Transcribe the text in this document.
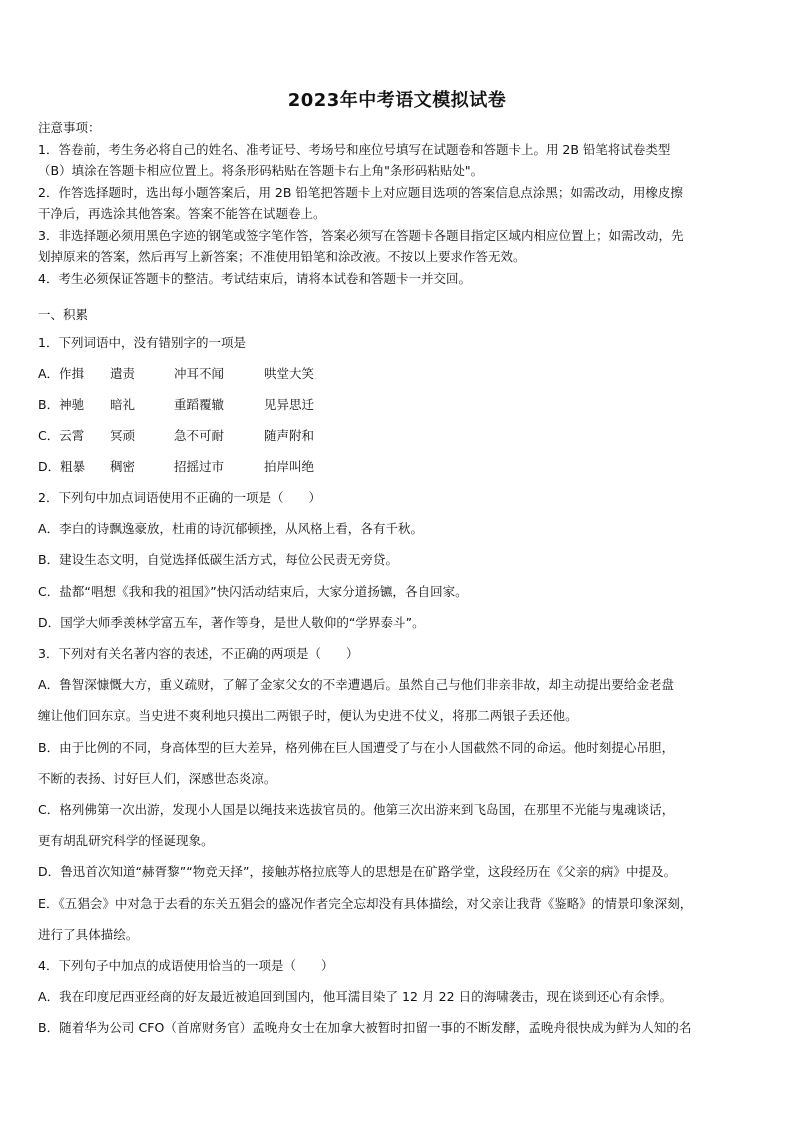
2023年中考语文模拟试卷
注意事项：
1．答卷前，考生务必将自己的姓名、准考证号、考场号和座位号填写在试题卷和答题卡上。用 2B 铅笔将试卷类型
（B）填涂在答题卡相应位置上。将条形码粘贴在答题卡右上角"条形码粘贴处"。
2．作答选择题时，选出每小题答案后，用 2B 铅笔把答题卡上对应题目选项的答案信息点涂黑；如需改动，用橡皮擦
干净后，再选涂其他答案。答案不能答在试题卷上。
3．非选择题必须用黑色字迹的钢笔或签字笔作答，答案必须写在答题卡各题目指定区域内相应位置上；如需改动，先
划掉原来的答案，然后再写上新答案；不准使用铅笔和涂改液。不按以上要求作答无效。
4．考生必须保证答题卡的整洁。考试结束后，请将本试卷和答题卡一并交回。
一、积累
1．下列词语中，没有错别字的一项是
A．作揖 遣责	冲耳不闻	哄堂大笑
B．神驰 暗礼	重蹈覆辙	见异思迁
C．云霄 冥顽	急不可耐	随声附和
D．粗暴 稠密	招摇过市	拍岸叫绝
2．下列句中加点词语使用不正确的一项是（　　）
A．李白的诗飘逸豪放，杜甫的诗沉郁顿挫，从风格上看，各有千秋。
B．建设生态文明，自觉选择低碳生活方式，每位公民责无旁贷。
C．盐都“唱想《我和我的祖国》”快闪活动结束后，大家分道扬镳，各自回家。
D．国学大师季羡林学富五车，著作等身，是世人敬仰的“学界泰斗”。
3．下列对有关名著内容的表述，不正确的两项是（　　）
A．鲁智深慷慨大方，重义疏财，了解了金家父女的不幸遭遇后。虽然自己与他们非亲非故，却主动提出要给金老盘
缠让他们回东京。当史进不爽利地只摸出二两银子时，便认为史进不仗义，将那二两银子丢还他。
B．由于比例的不同，身高体型的巨大差异，格列佛在巨人国遭受了与在小人国截然不同的命运。他时刻提心吊胆，
不断的表扬、讨好巨人们，深感世态炎凉。
C．格列佛第一次出游，发现小人国是以绳技来选拔官员的。他第三次出游来到飞岛国，在那里不光能与鬼魂谈话，
更有胡乱研究科学的怪诞现象。
D．鲁迅首次知道“赫胥黎”“物竞天择”，接触苏格拉底等人的思想是在矿路学堂，这段经历在《父亲的病》中提及。
E．《五猖会》中对急于去看的东关五猖会的盛况作者完全忘却没有具体描绘，对父亲让我背《鉴略》的情景印象深刻，
进行了具体描绘。
4．下列句子中加点的成语使用恰当的一项是（　　）
A．我在印度尼西亚经商的好友最近被追回到国内，他耳濡目染了 12 月 22 日的海啸袭击，现在谈到还心有余悸。
B．随着华为公司 CFO（首席财务官）孟晚舟女士在加拿大被暂时扣留一事的不断发酵，孟晚舟很快成为鲜为人知的名
